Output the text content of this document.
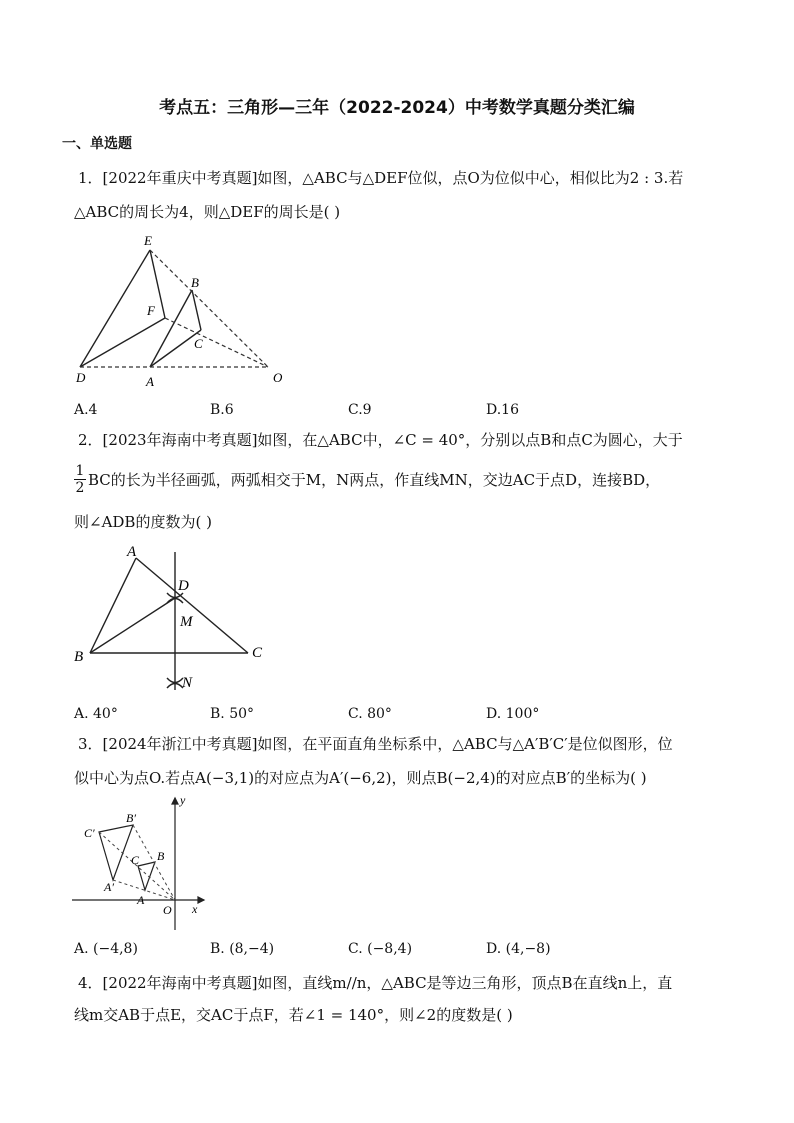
考点五：三角形—三年（2022-2024）中考数学真题分类汇编
一、单选题
1．[2022年重庆中考真题]如图，△ABC与△DEF位似，点O为位似中心，相似比为2 : 3.若
△ABC的周长为4，则△DEF的周长是( )
E
B
F
C
D	A	O
A.4	B.6	C.9	D.16
2．[2023年海南中考真题]如图，在△ABC中，∠C = 40°，分别以点B和点C为圆心，大于
$\frac{1}{2}$ BC的长为半径画弧，两弧相交于M，N两点，作直线MN，交边AC于点D，连接BD，
则∠ADB的度数为( )
A
D
M
B	C
N
A. 40°	B. 50°	C. 80°	D. 100°
3．[2024年浙江中考真题]如图，在平面直角坐标系中，△ABC与△A′B′C′是位似图形，位
似中心为点O.若点A(−3,1)的对应点为A′(−6,2)，则点B(−2,4)的对应点B′的坐标为( )
y
B′
C′
B
C
A′
A
O x
A. (−4,8)	B. (8,−4)	C. (−8,4)	D. (4,−8)
4．[2022年海南中考真题]如图，直线m//n，△ABC是等边三角形，顶点B在直线n上，直
线m交AB于点E，交AC于点F，若∠1 = 140°，则∠2的度数是( )
